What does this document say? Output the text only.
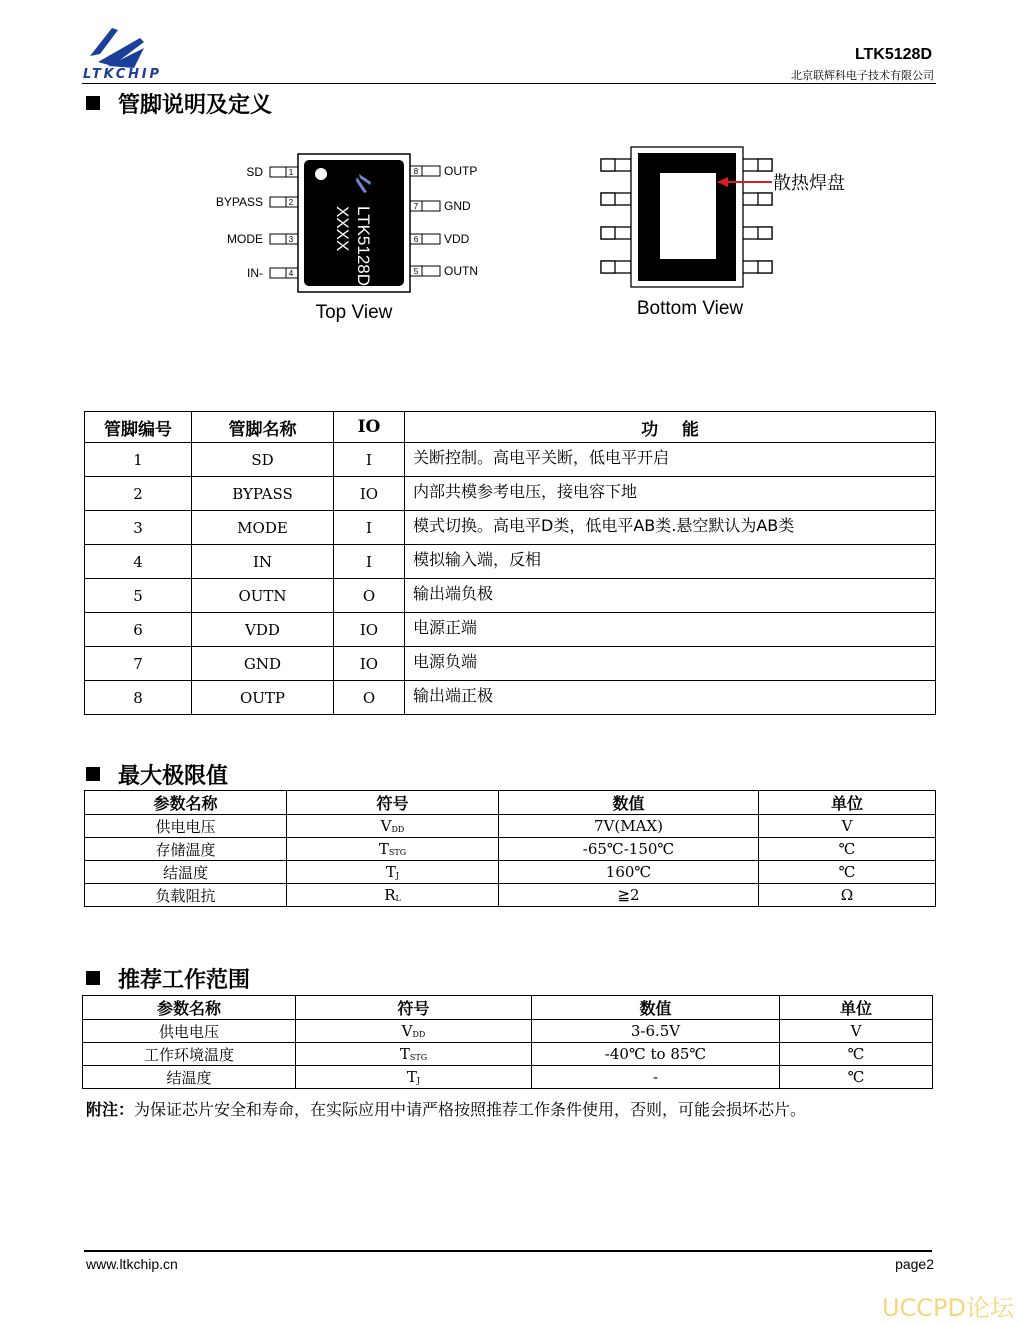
LTKCHIP
LTK5128D
北京联辉科电子技术有限公司
管脚说明及定义
1
SD
2
BYPASS
3
MODE
4
IN-
8 OUTP
7 GND
6 VDD
5 OUTN
LTK5128D
XXXX
Top View
散热焊盘
Bottom View
管脚编号	管脚名称	IO	功    能
1	SD	I	关断控制。高电平关断，低电平开启
2	BYPASS	IO	内部共模参考电压，接电容下地
3	MODE	I	模式切换。高电平D类，低电平AB类.悬空默认为AB类
4	IN	I	模拟输入端，反相
5	OUTN	O	输出端负极
6	VDD	IO	电源正端
7	GND	IO	电源负端
8	OUTP	O	输出端正极
最大极限值
参数名称	符号	数值	单位
供电电压	$V_{DD}$	7V(MAX)	V
存储温度	$T_{STG}$	-65℃-150℃	℃
结温度	$T_J$	160℃	℃
负载阻抗	$R_L$	≧2	Ω
推荐工作范围
参数名称	符号	数值	单位
供电电压	$V_{DD}$	3-6.5V	V
工作环境温度	$T_{STG}$	-40℃ to 85℃	℃
结温度	$T_J$	-	℃
附注：为保证芯片安全和寿命，在实际应用中请严格按照推荐工作条件使用，否则，可能会损坏芯片。
www.ltkchip.cn	page2
UCCPD论坛
